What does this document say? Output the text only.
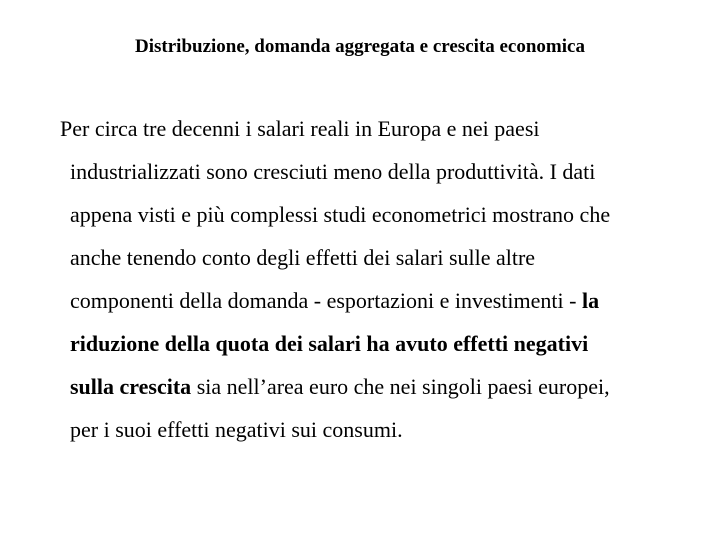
Distribuzione, domanda aggregata e crescita economica
Per circa tre decenni i salari reali in Europa e nei paesi
industrializzati sono cresciuti meno della produttività. I dati
appena visti e più complessi studi econometrici mostrano che
anche tenendo conto degli effetti dei salari sulle altre
componenti della domanda - esportazioni e investimenti - la
riduzione della quota dei salari ha avuto effetti negativi
sulla crescita sia nell’area euro che nei singoli paesi europei,
per i suoi effetti negativi sui consumi.
